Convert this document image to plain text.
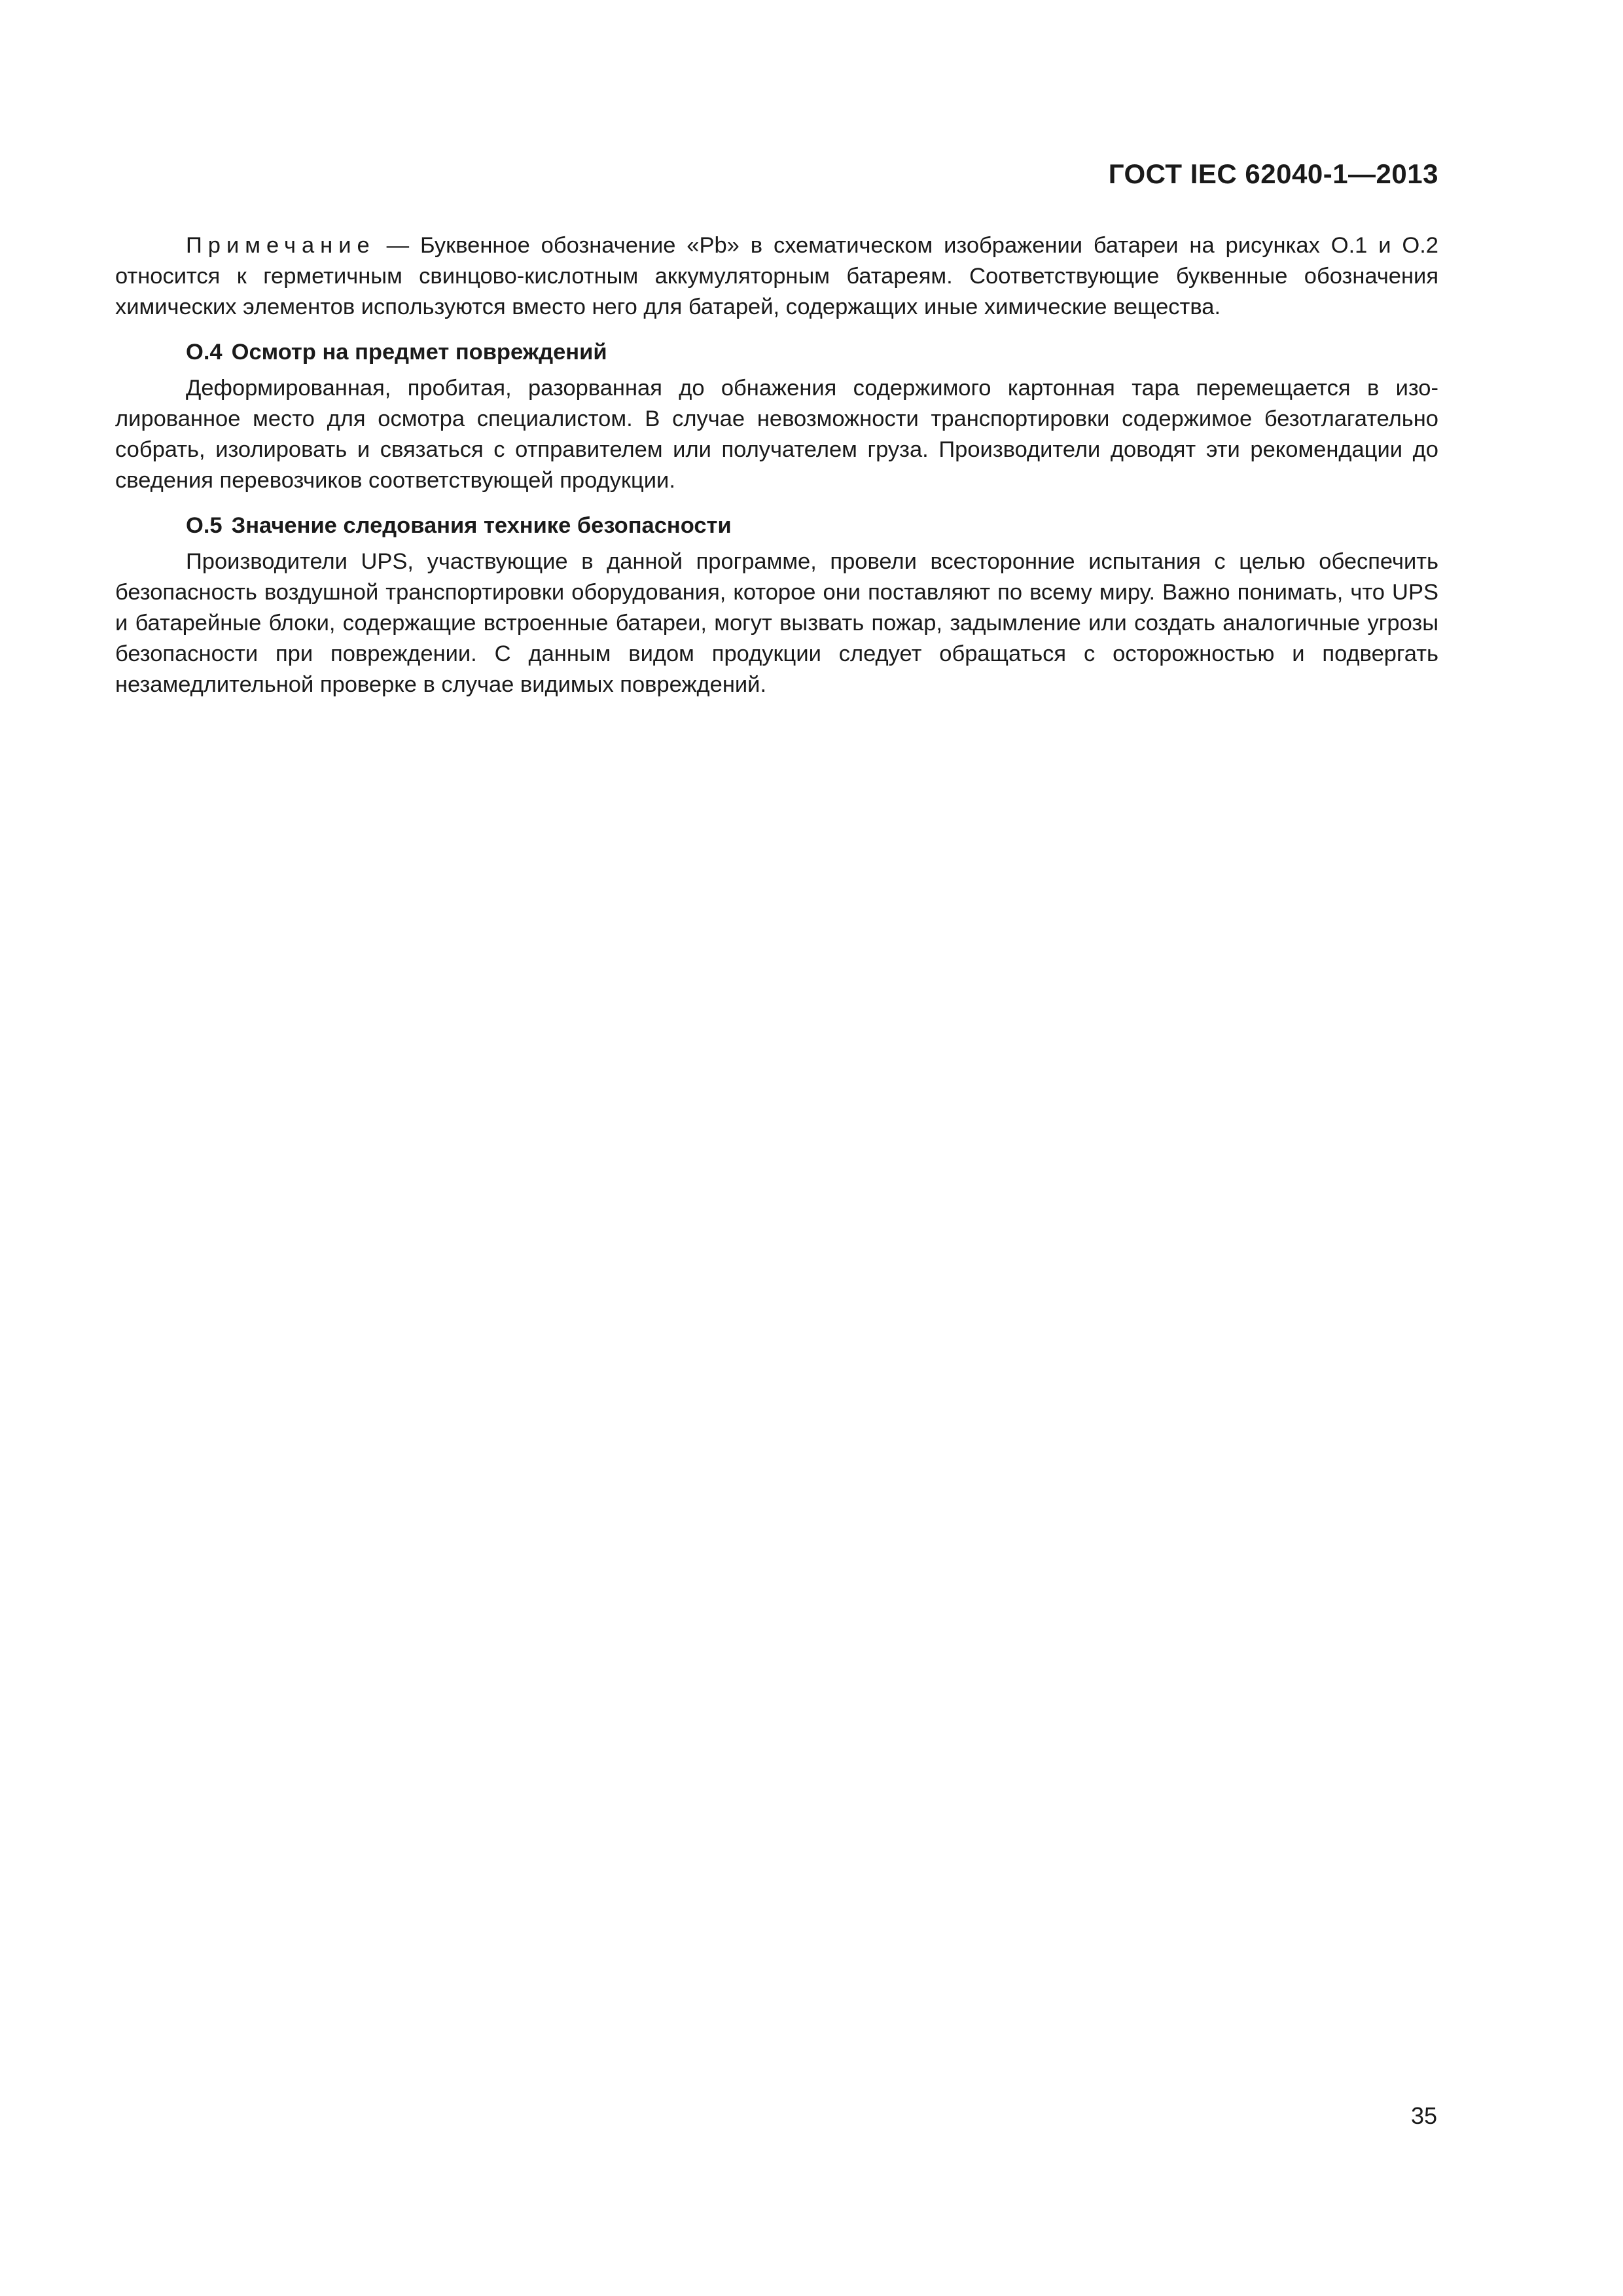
ГОСТ IEC 62040-1—2013

Примечание — Буквенное обозначение «Pb» в схематическом изображении батареи на рисунках О.1 и О.2 относится к герметичным свинцово-кислотным аккумуляторным батареям. Соответствующие буквенные обозначения химических элементов используются вместо него для батарей, содержащих иные химические вещества.

О.4 Осмотр на предмет повреждений

Деформированная, пробитая, разорванная до обнажения содержимого картонная тара перемещается в изолированное место для осмотра специалистом. В случае невозможности транспортировки содержимое безотлагательно собрать, изолировать и связаться с отправителем или получателем груза. Производители доводят эти рекомендации до сведения перевозчиков соответствующей продукции.

О.5 Значение следования технике безопасности

Производители UPS, участвующие в данной программе, провели всесторонние испытания с целью обеспечить безопасность воздушной транспортировки оборудования, которое они поставляют по всему миру. Важно понимать, что UPS и батарейные блоки, содержащие встроенные батареи, могут вызвать пожар, задымление или создать аналогичные угрозы безопасности при повреждении. С данным видом продукции следует обращаться с осторожностью и подвергать незамедлительной проверке в случае видимых повреждений.

35
